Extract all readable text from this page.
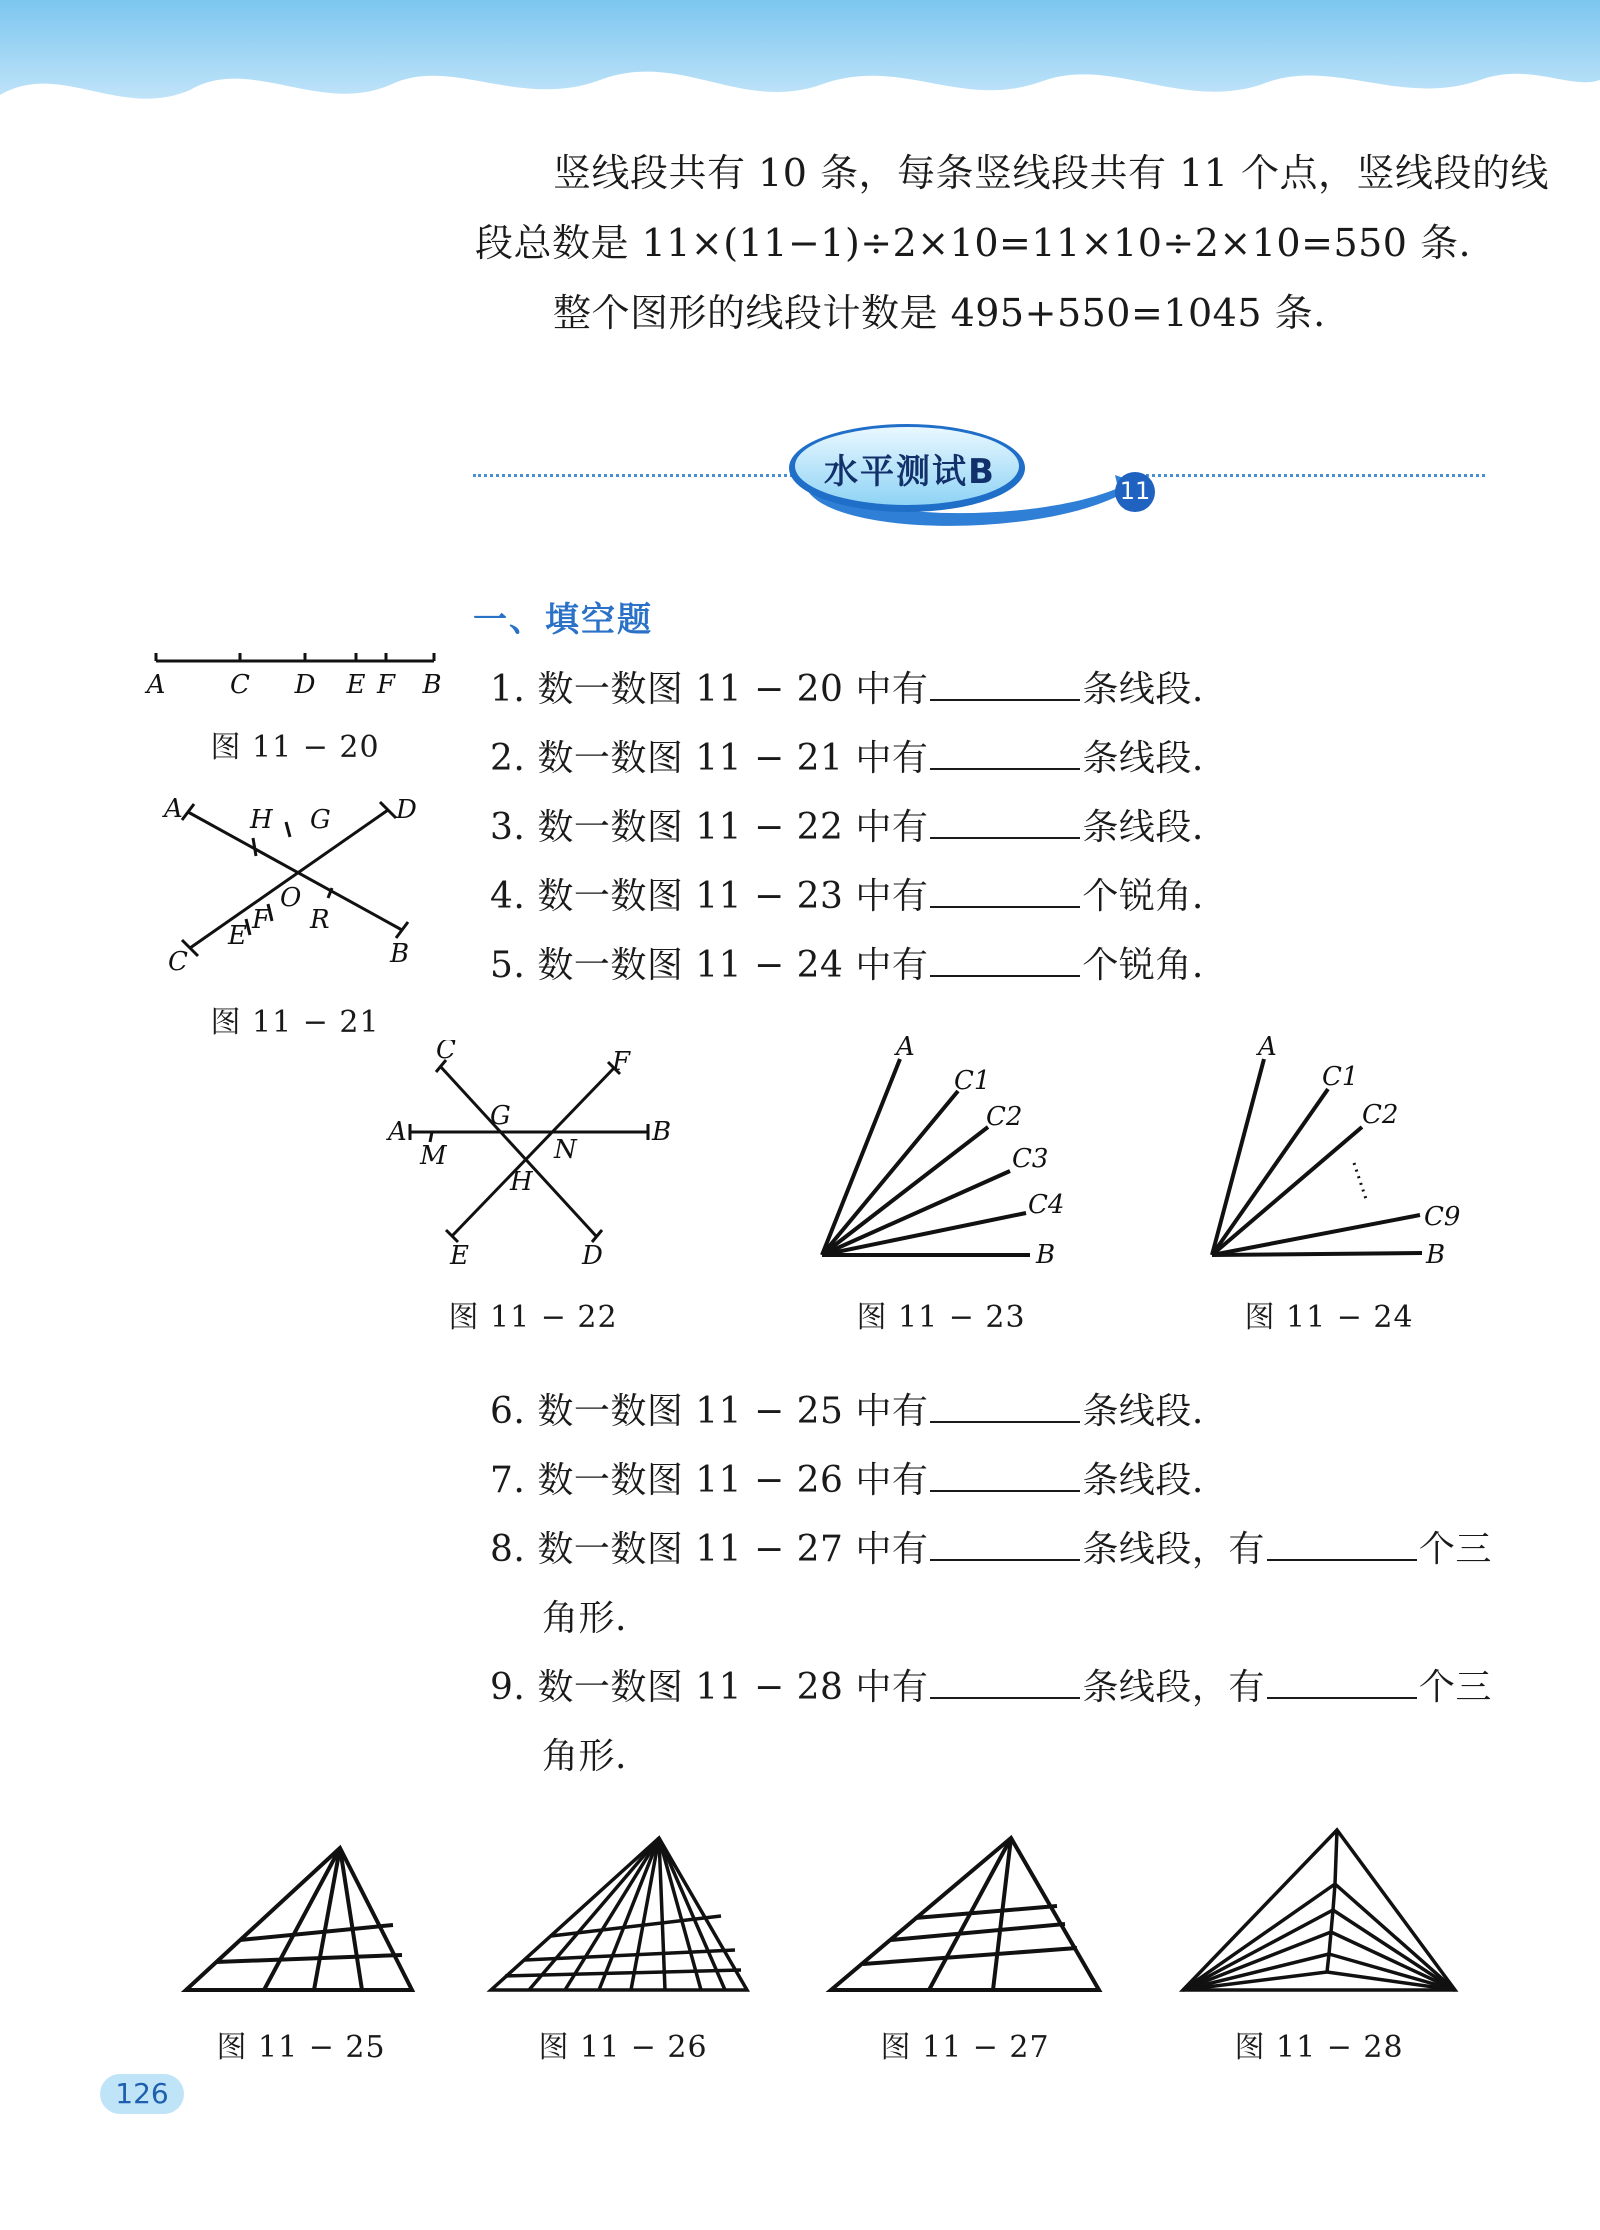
竖线段共有 10 条，每条竖线段共有 11 个点，竖线段的线
段总数是 11×(11−1)÷2×10=11×10÷2×10=550 条.
整个图形的线段计数是 495+550=1045 条.
水平测试B	11
一、填空题
1. 数一数图 11 − 20 中有	条线段.
2. 数一数图 11 − 21 中有	条线段.
3. 数一数图 11 − 22 中有	条线段.
4. 数一数图 11 − 23 中有	个锐角.
5. 数一数图 11 − 24 中有	个锐角.
A C D E F B
图 11 − 20
A	H G	D
O
F
E
R
C	B
图 11 − 21
C	F
A
G
B
M	N
H
E	D
图 11 − 22
A
C1
C2
C3
C4
B
图 11 − 23
A
C1
C2
C9
B
图 11 − 24
6. 数一数图 11 − 25 中有	条线段.
7. 数一数图 11 − 26 中有	条线段.
8. 数一数图 11 − 27 中有	条线段，有	个三
角形.
9. 数一数图 11 − 28 中有	条线段，有	个三
角形.
图 11 − 25	图 11 − 26	图 11 − 27	图 11 − 28
126
